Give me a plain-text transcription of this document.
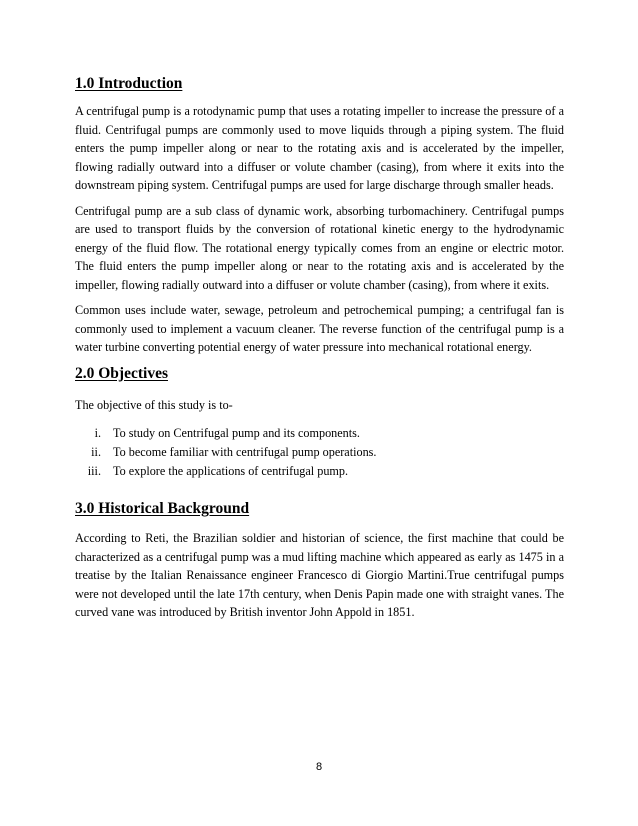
1.0 Introduction

A centrifugal pump is a rotodynamic pump that uses a rotating impeller to increase the pressure of a fluid. Centrifugal pumps are commonly used to move liquids through a piping system. The fluid enters the pump impeller along or near to the rotating axis and is accelerated by the impeller, flowing radially outward into a diffuser or volute chamber (casing), from where it exits into the downstream piping system. Centrifugal pumps are used for large discharge through smaller heads.

Centrifugal pump are a sub class of dynamic work, absorbing turbomachinery. Centrifugal pumps are used to transport fluids by the conversion of rotational kinetic energy to the hydrodynamic energy of the fluid flow. The rotational energy typically comes from an engine or electric motor. The fluid enters the pump impeller along or near to the rotating axis and is accelerated by the impeller, flowing radially outward into a diffuser or volute chamber (casing), from where it exits.

Common uses include water, sewage, petroleum and petrochemical pumping; a centrifugal fan is commonly used to implement a vacuum cleaner. The reverse function of the centrifugal pump is a water turbine converting potential energy of water pressure into mechanical rotational energy.

2.0 Objectives

The objective of this study is to-

i. To study on Centrifugal pump and its components.
ii. To become familiar with centrifugal pump operations.
iii. To explore the applications of centrifugal pump.
3.0 Historical Background

According to Reti, the Brazilian soldier and historian of science, the first machine that could be characterized as a centrifugal pump was a mud lifting machine which appeared as early as 1475 in a treatise by the Italian Renaissance engineer Francesco di Giorgio Martini.True centrifugal pumps were not developed until the late 17th century, when Denis Papin made one with straight vanes. The curved vane was introduced by British inventor John Appold in 1851.

8
